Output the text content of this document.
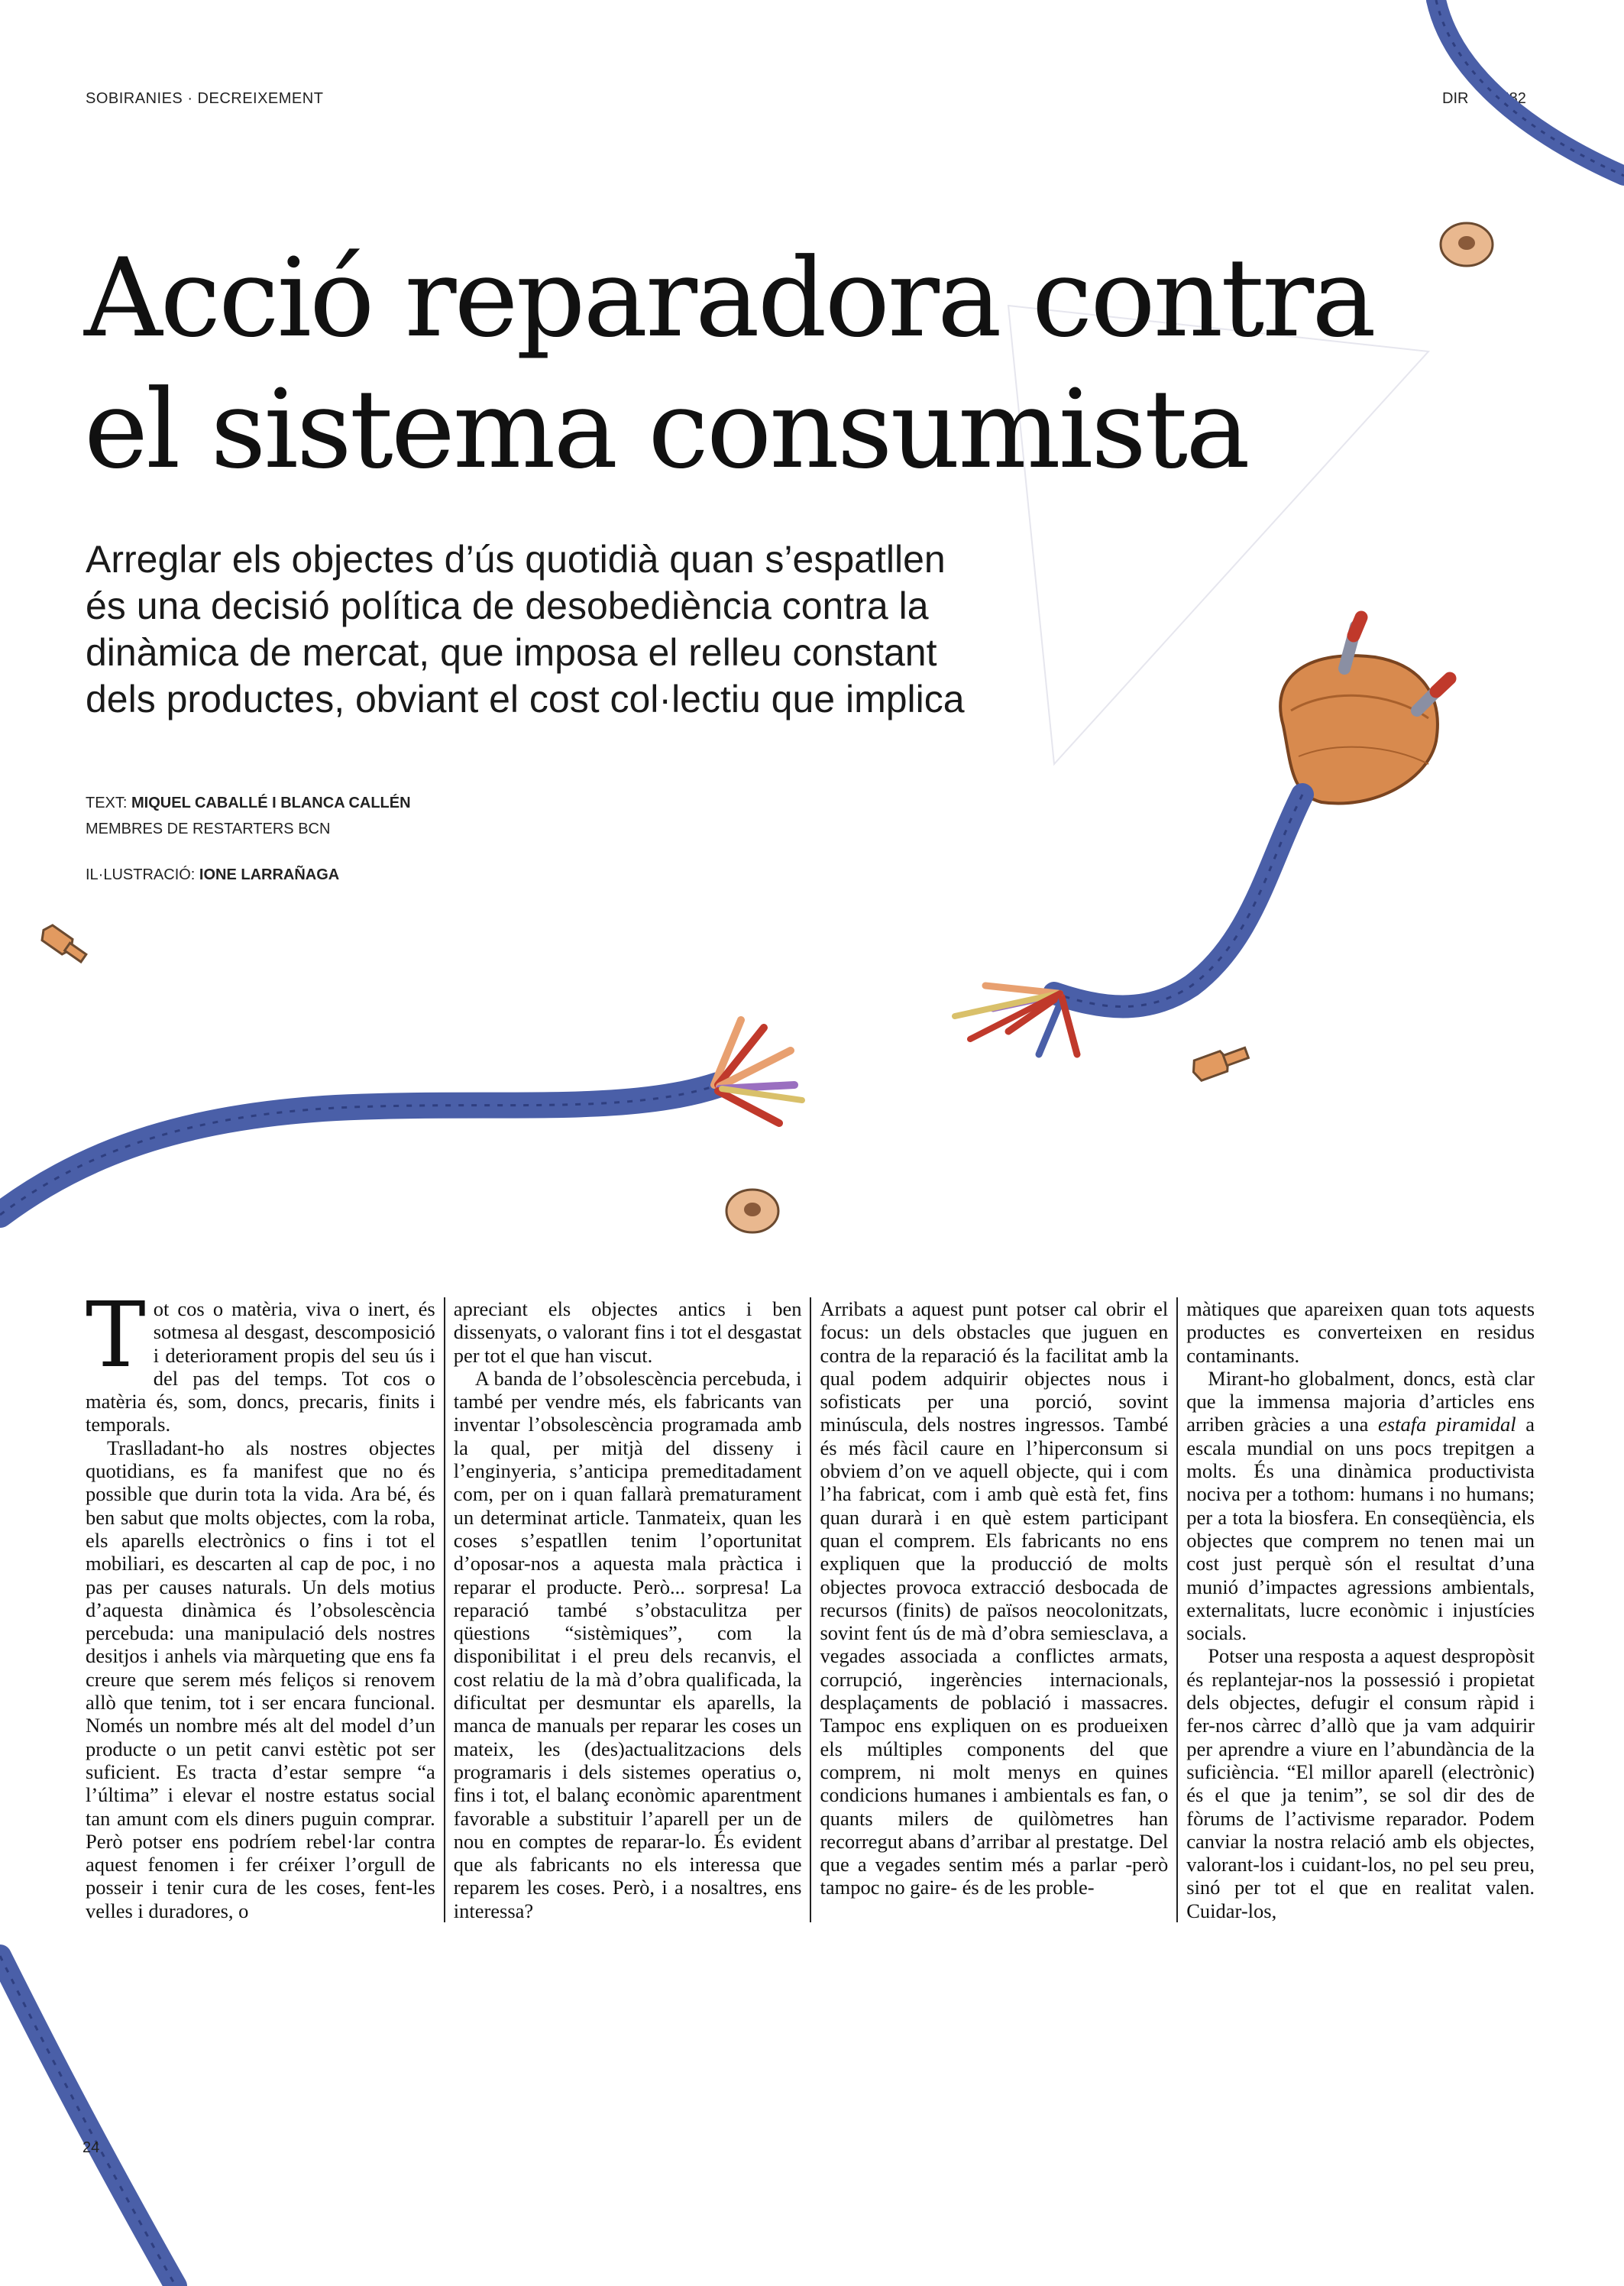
SOBIRANIES · DECREIXEMENT	DIR 582
Acció reparadora contra
el sistema consumista
Arreglar els objectes d’ús quotidià quan s’espatllen
és una decisió política de desobediència contra la
dinàmica de mercat, que imposa el relleu constant
dels productes, obviant el cost col·lectiu que implica
TEXT: MIQUEL CABALLÉ I BLANCA CALLÉN
MEMBRES DE RESTARTERS BCN
IL·LUSTRACIÓ: IONE LARRAÑAGA

Tot cos o matèria, viva o inert, és sotmesa al desgast, descomposició i deteriorament propis del seu ús i del pas del temps. Tot cos o matèria és, som, doncs, precaris, finits i temporals.

Traslladant-ho als nostres objectes quotidians, es fa manifest que no és possible que durin tota la vida. Ara bé, és ben sabut que molts objectes, com la roba, els aparells electrònics o fins i tot el mobiliari, es descarten al cap de poc, i no pas per causes naturals. Un dels motius d’aquesta dinàmica és l’obsolescència percebuda: una manipulació dels nostres desitjos i anhels via màrqueting que ens fa creure que serem més feliços si renovem allò que tenim, tot i ser encara funcional. Només un nombre més alt del model d’un producte o un petit canvi estètic pot ser suficient. Es tracta d’estar sempre “a l’última” i elevar el nostre estatus social tan amunt com els diners puguin comprar. Però potser ens podríem rebel·lar contra aquest fenomen i fer créixer l’orgull de posseir i tenir cura de les coses, fent-les velles i duradores, o

apreciant els objectes antics i ben dissenyats, o valorant fins i tot el desgastat per tot el que han viscut.

A banda de l’obsolescència percebuda, i també per vendre més, els fabricants van inventar l’obsolescència programada amb la qual, per mitjà del disseny i l’enginyeria, s’anticipa premeditadament com, per on i quan fallarà prematurament un determinat article. Tanmateix, quan les coses s’espatllen tenim l’oportunitat d’oposar-nos a aquesta mala pràctica i reparar el producte. Però... sorpresa! La reparació també s’obstaculitza per qüestions “sistèmiques”, com la disponibilitat i el preu dels recanvis, el cost relatiu de la mà d’obra qualificada, la dificultat per desmuntar els aparells, la manca de manuals per reparar les coses un mateix, les (des)actualitzacions dels programaris i dels sistemes operatius o, fins i tot, el balanç econòmic aparentment favorable a substituir l’aparell per un de nou en comptes de reparar-lo. És evident que als fabricants no els interessa que reparem les coses. Però, i a nosaltres, ens interessa?

Arribats a aquest punt potser cal obrir el focus: un dels obstacles que juguen en contra de la reparació és la facilitat amb la qual podem adquirir objectes nous i sofisticats per una porció, sovint minúscula, dels nostres ingressos. També és més fàcil caure en l’hiperconsum si obviem d’on ve aquell objecte, qui i com l’ha fabricat, com i amb què està fet, fins quan durarà i en què estem participant quan el comprem. Els fabricants no ens expliquen que la producció de molts objectes provoca extracció desbocada de recursos (finits) de països neocolonitzats, sovint fent ús de mà d’obra semiesclava, a vegades associada a conflictes armats, corrupció, ingerències internacionals, desplaçaments de població i massacres. Tampoc ens expliquen on es produeixen els múltiples components del que comprem, ni molt menys en quines condicions humanes i ambientals es fan, o quants milers de quilòmetres han recorregut abans d’arribar al prestatge. Del que a vegades sentim més a parlar -però tampoc no gaire- és de les proble-

màtiques que apareixen quan tots aquests productes es converteixen en residus contaminants.

Mirant-ho globalment, doncs, està clar que la immensa majoria d’articles ens arriben gràcies a una estafa piramidal a escala mundial on uns pocs trepitgen a molts. És una dinàmica productivista nociva per a tothom: humans i no humans; per a tota la biosfera. En conseqüència, els objectes que comprem no tenen mai un cost just perquè són el resultat d’una munió d’impactes agressions ambientals, externalitats, lucre econòmic i injustícies socials.

Potser una resposta a aquest despropòsit és replantejar-nos la possessió i propietat dels objectes, defugir el consum ràpid i fer-nos càrrec d’allò que ja vam adquirir per aprendre a viure en l’abundància de la suficiència. “El millor aparell (electrònic) és el que ja tenim”, se sol dir des de fòrums de l’activisme reparador. Podem canviar la nostra relació amb els objectes, valorant-los i cuidant-los, no pel seu preu, sinó per tot el que en realitat valen. Cuidar-los,

24
